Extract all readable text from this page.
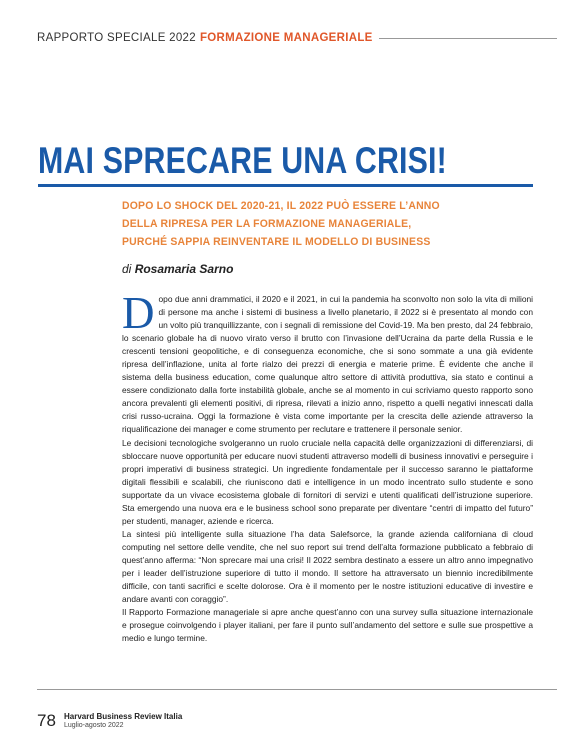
RAPPORTO SPECIALE 2022 FORMAZIONE MANAGERIALE
MAI SPRECARE UNA CRISI!
DOPO LO SHOCK DEL 2020-21, IL 2022 PUÒ ESSERE L’ANNO
DELLA RIPRESA PER LA FORMAZIONE MANAGERIALE,
PURCHÉ SAPPIA REINVENTARE IL MODELLO DI BUSINESS
di Rosamaria Sarno

Dopo due anni drammatici, il 2020 e il 2021, in cui la pandemia ha sconvolto non solo la vita di milioni di persone ma anche i sistemi di business a livello planetario, il 2022 si è presentato al mondo con un volto più tranquillizzante, con i segnali di remissione del Covid-19. Ma ben presto, dal 24 febbraio, lo scenario globale ha di nuovo virato verso il brutto con l’invasione dell’Ucraina da parte della Russia e le crescenti tensioni geopolitiche, e di conseguenza economiche, che si sono sommate a una già evidente ripresa dell’inflazione, unita al forte rialzo dei prezzi di energia e materie prime. È evidente che anche il sistema della business education, come qualunque altro settore di attività produttiva, sia stato e continui a essere condizionato dalla forte instabilità globale, anche se al momento in cui scriviamo questo rapporto sono ancora prevalenti gli elementi positivi, di ripresa, rilevati a inizio anno, rispetto a quelli negativi innescati dalla crisi russo-ucraina. Oggi la formazione è vista come importante per la crescita delle aziende attraverso la riqualificazione dei manager e come strumento per reclutare e trattenere il personale senior.

Le decisioni tecnologiche svolgeranno un ruolo cruciale nella capacità delle organizzazioni di differenziarsi, di sbloccare nuove opportunità per educare nuovi studenti attraverso modelli di business innovativi e perseguire i propri imperativi di business strategici. Un ingrediente fondamentale per il successo saranno le piattaforme digitali flessibili e scalabili, che riuniscono dati e intelligence in un modo incentrato sullo studente e sono supportate da un vivace ecosistema globale di fornitori di servizi e utenti qualificati dell’istruzione superiore. Sta emergendo una nuova era e le business school sono preparate per diventare “centri di impatto del futuro” per studenti, manager, aziende e ricerca.

La sintesi più intelligente sulla situazione l’ha data Salefsorce, la grande azienda californiana di cloud computing nel settore delle vendite, che nel suo report sui trend dell’alta formazione pubblicato a febbraio di quest’anno afferma: “Non sprecare mai una crisi! Il 2022 sembra destinato a essere un altro anno impegnativo per i leader dell’istruzione superiore di tutto il mondo. Il settore ha attraversato un biennio incredibilmente difficile, con tanti sacrifici e scelte dolorose. Ora è il momento per le nostre istituzioni educative di investire e andare avanti con coraggio”.

Il Rapporto Formazione manageriale si apre anche quest’anno con una survey sulla situazione internazionale e prosegue coinvolgendo i player italiani, per fare il punto sull’andamento del settore e sulle sue prospettive a medio e lungo termine.

78 Harvard Business Review Italia
Luglio-agosto 2022
